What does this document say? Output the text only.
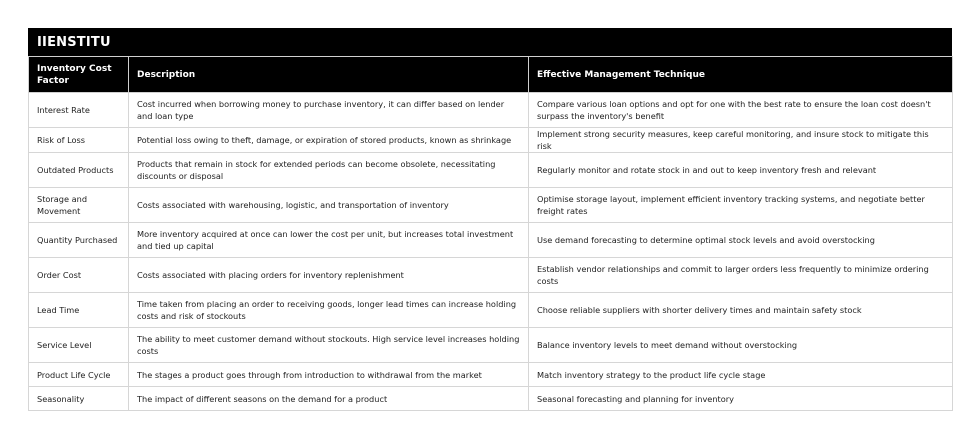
IIENSTITU
Inventory Cost Factor	Description	Effective Management Technique
Interest Rate	Cost incurred when borrowing money to purchase inventory, it can differ based on lender and loan type	Compare various loan options and opt for one with the best rate to ensure the loan cost doesn't surpass the inventory's benefit
Risk of Loss	Potential loss owing to theft, damage, or expiration of stored products, known as shrinkage	Implement strong security measures, keep careful monitoring, and insure stock to mitigate this risk
Outdated Products	Products that remain in stock for extended periods can become obsolete, necessitating discounts or disposal	Regularly monitor and rotate stock in and out to keep inventory fresh and relevant
Storage and Movement	Costs associated with warehousing, logistic, and transportation of inventory	Optimise storage layout, implement efficient inventory tracking systems, and negotiate better freight rates
Quantity Purchased	More inventory acquired at once can lower the cost per unit, but increases total investment and tied up capital	Use demand forecasting to determine optimal stock levels and avoid overstocking
Order Cost	Costs associated with placing orders for inventory replenishment	Establish vendor relationships and commit to larger orders less frequently to minimize ordering costs
Lead Time	Time taken from placing an order to receiving goods, longer lead times can increase holding costs and risk of stockouts	Choose reliable suppliers with shorter delivery times and maintain safety stock
Service Level	The ability to meet customer demand without stockouts. High service level increases holding costs	Balance inventory levels to meet demand without overstocking
Product Life Cycle	The stages a product goes through from introduction to withdrawal from the market	Match inventory strategy to the product life cycle stage
Seasonality	The impact of different seasons on the demand for a product	Seasonal forecasting and planning for inventory
